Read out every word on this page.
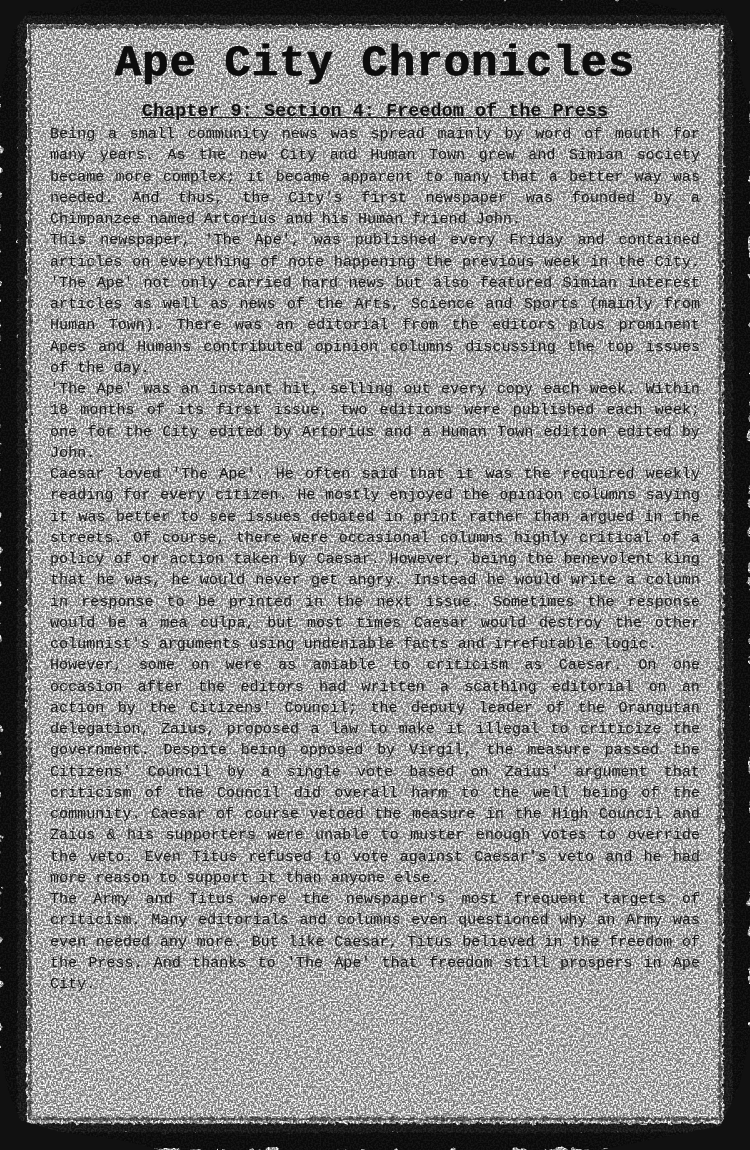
Ape City Chronicles
Chapter 9: Section 4: Freedom of the Press

Being a small community news was spread mainly by word of mouth for many years. As the new City and Human Town grew and Simian society became more complex; it became apparent to many that a better way was needed. And thus, the City's first newspaper was founded by a Chimpanzee named Artorius and his Human friend John.

This newspaper, 'The Ape', was published every Friday and contained articles on everything of note happening the previous week in the City. 'The Ape' not only carried hard news but also featured Simian interest articles as well as news of the Arts, Science and Sports (mainly from Human Town). There was an editorial from the editors plus prominent Apes and Humans contributed opinion columns discussing the top issues of the day.

'The Ape' was an instant hit, selling out every copy each week. Within 18 months of its first issue, two editions were published each week; one for the City edited by Artorius and a Human Town edition edited by John.

Caesar loved 'The Ape'. He often said that it was the required weekly reading for every citizen. He mostly enjoyed the opinion columns saying it was better to see issues debated in print rather than argued in the streets. Of course, there were occasional columns highly critical of a policy of or action taken by Caesar. However, being the benevolent king that he was, he would never get angry. Instead he would write a column in response to be printed in the next issue. Sometimes the response would be a mea culpa, but most times Caesar would destroy the other columnist's arguments using undeniable facts and irrefutable logic.

However, some on were as amiable to criticism as Caesar. On one occasion after the editors had written a scathing editorial on an action by the Citizens' Council; the deputy leader of the Orangutan delegation, Zaius, proposed a law to make it illegal to criticize the government. Despite being opposed by Virgil, the measure passed the Citizens' Council by a single vote based on Zaius' argument that criticism of the Council did overall harm to the well being of the community. Caesar of course vetoed the measure in the High Council and Zaius & his supporters were unable to muster enough votes to override the veto. Even Titus refused to vote against Caesar's veto and he had more reason to support it than anyone else.

The Army and Titus were the newspaper's most frequent targets of criticism. Many editorials and columns even questioned why an Army was even needed any more. But like Caesar, Titus believed in the freedom of the Press. And thanks to 'The Ape' that freedom still prospers in Ape City.
